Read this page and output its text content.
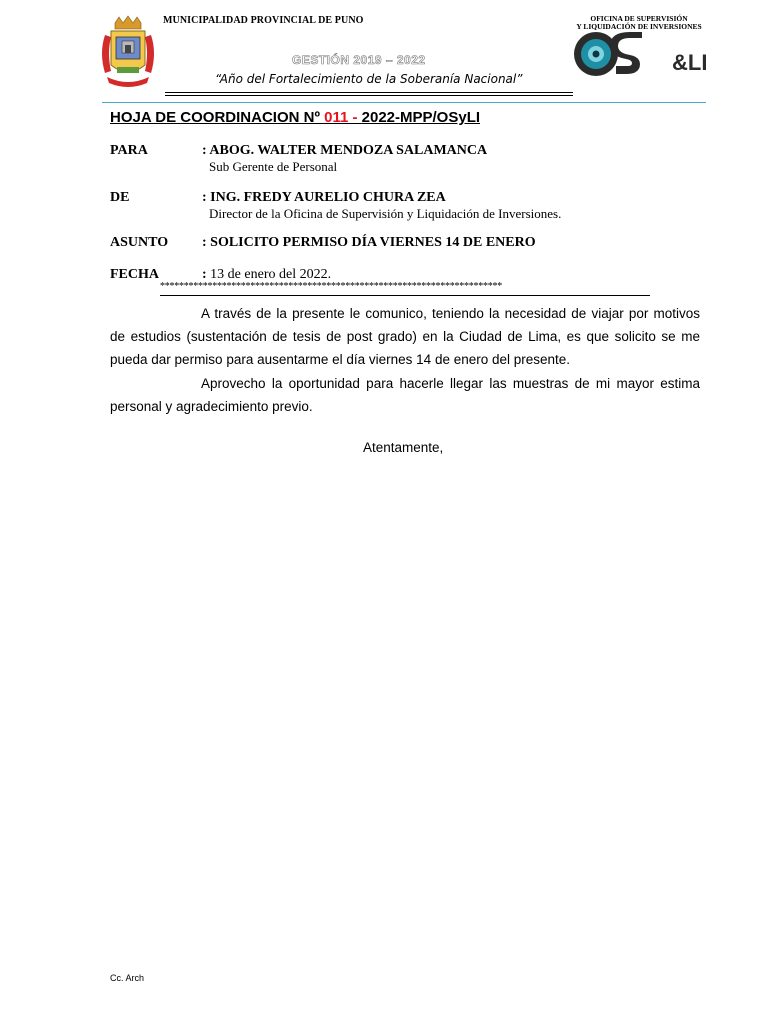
MUNICIPALIDAD PROVINCIAL DE PUNO
GESTIÓN 2019 – 2022
“Año del Fortalecimiento de la Soberanía Nacional”
OFICINA DE SUPERVISIÓN
Y LIQUIDACIÓN DE INVERSIONES
&LI
HOJA DE COORDINACION Nº 011 - 2022-MPP/OSyLI
PARA	: ABOG. WALTER MENDOZA SALAMANCA
Sub Gerente de Personal
DE	: ING. FREDY AURELIO CHURA ZEA
Director de la Oficina de Supervisión y Liquidación de Inversiones.
ASUNTO : SOLICITO PERMISO DÍA VIERNES 14 DE ENERO
FECHA	: 13 de enero del 2022.
************************************************************************
A través de la presente le comunico, teniendo la necesidad de viajar por motivos de estudios (sustentación de tesis de post grado) en la Ciudad de Lima, es que solicito se me pueda dar permiso para ausentarme el día viernes 14 de enero del presente.
Aprovecho la oportunidad para hacerle llegar las muestras de mi mayor estima personal y agradecimiento previo.
Atentamente,
Cc. Arch
